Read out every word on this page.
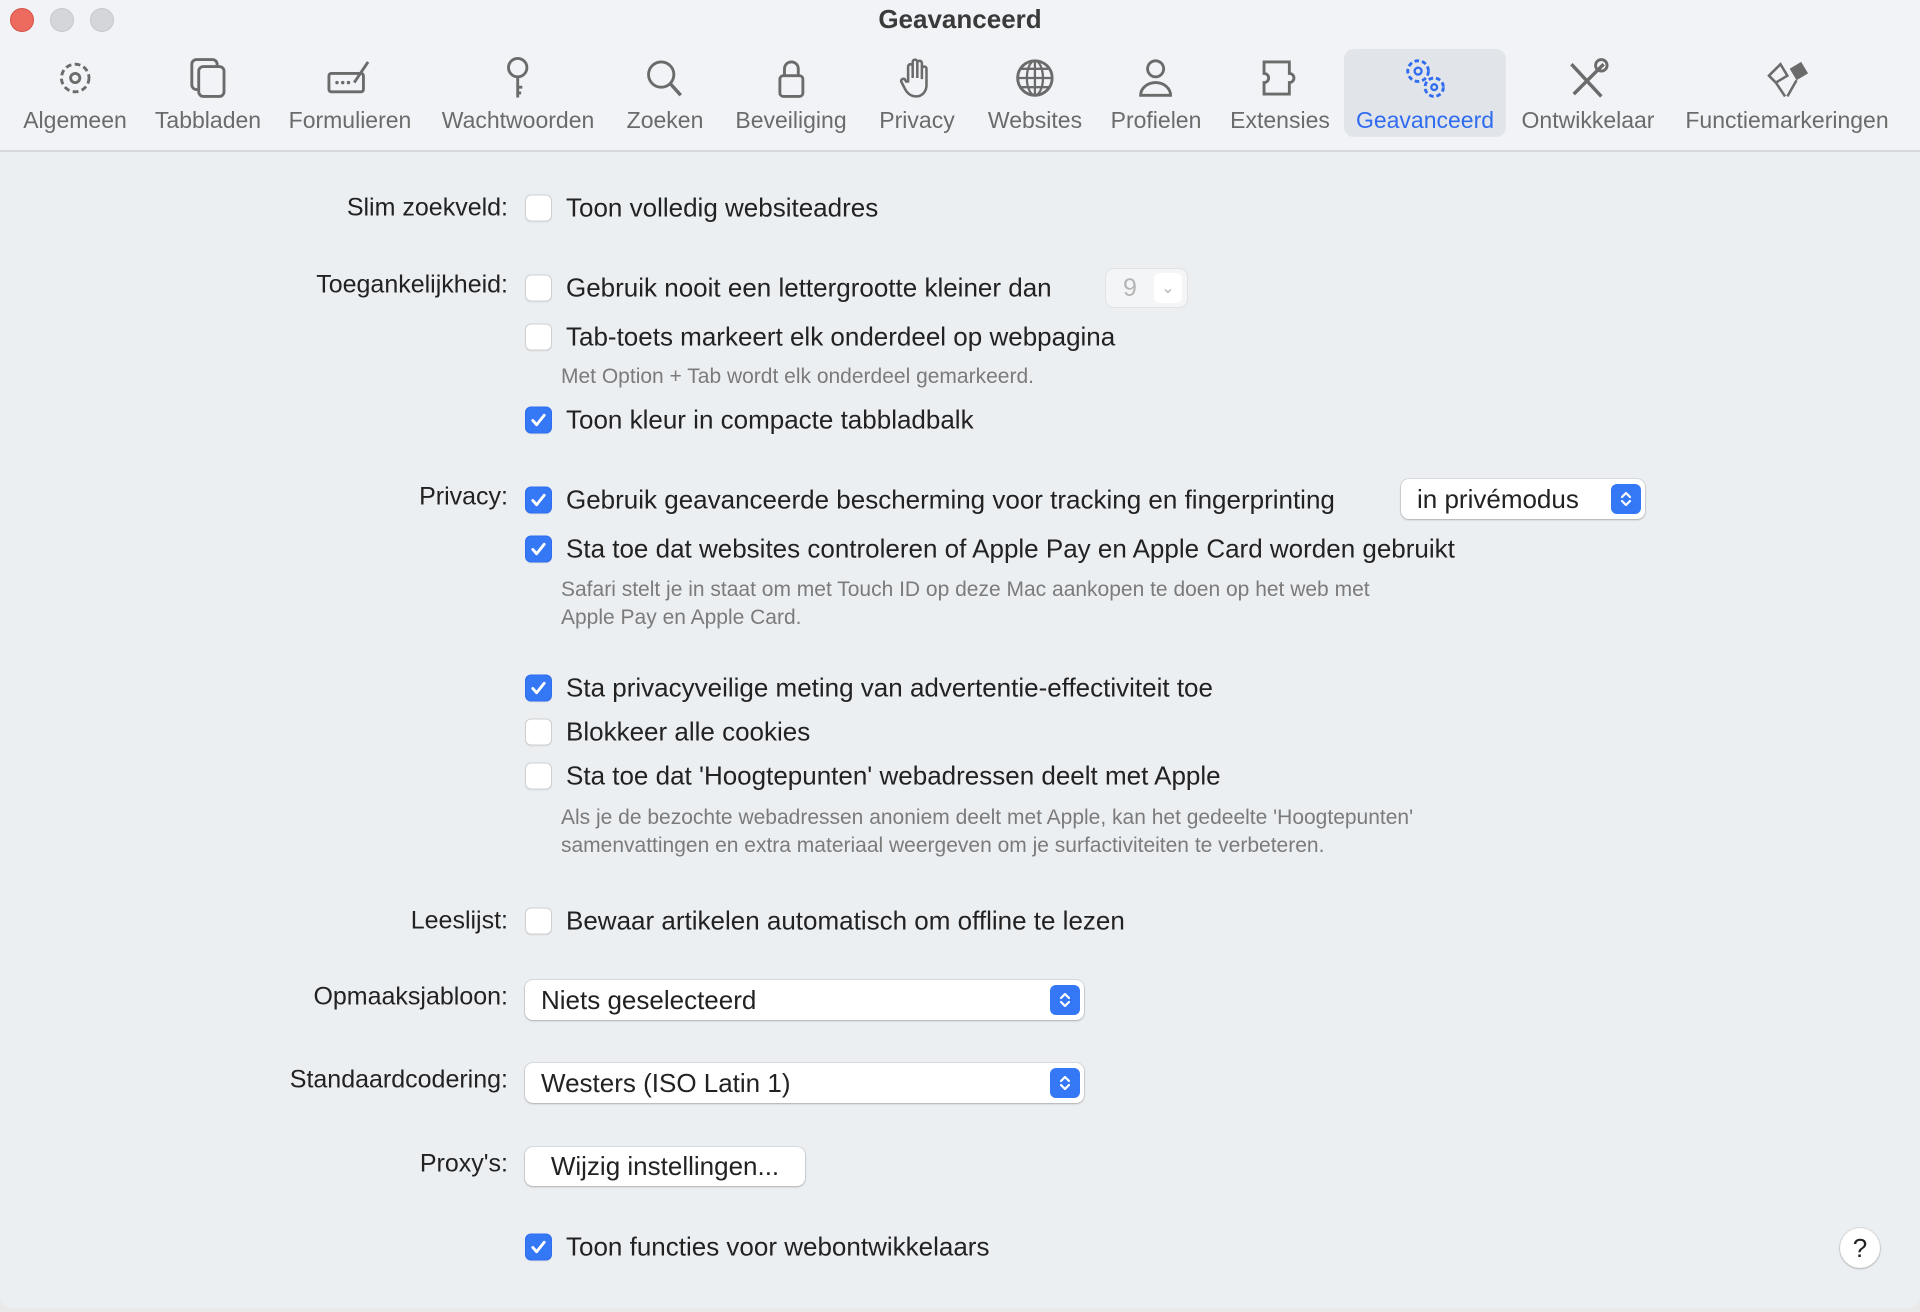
Geavanceerd
Algemeen	Tabbladen	Formulieren	Wachtwoorden	Zoeken	Beveiliging	Privacy	Websites	Profielen	Extensies	Geavanceerd	Ontwikkelaar	Functiemarkeringen
Slim zoekveld: Toon volledig websiteadres
Toegankelijkheid: Gebruik nooit een lettergrootte kleiner dan	9	⌄
Tab-toets markeert elk onderdeel op webpagina
Met Option + Tab wordt elk onderdeel gemarkeerd.
Toon kleur in compacte tabbladbalk
Privacy: Gebruik geavanceerde bescherming voor tracking en fingerprinting	in privémodus
Sta toe dat websites controleren of Apple Pay en Apple Card worden gebruikt
Safari stelt je in staat om met Touch ID op deze Mac aankopen te doen op het web met
Apple Pay en Apple Card.
Sta privacyveilige meting van advertentie-effectiviteit toe
Blokkeer alle cookies
Sta toe dat 'Hoogtepunten' webadressen deelt met Apple
Als je de bezochte webadressen anoniem deelt met Apple, kan het gedeelte 'Hoogtepunten'
samenvattingen en extra materiaal weergeven om je surfactiviteiten te verbeteren.
Leeslijst: Bewaar artikelen automatisch om offline te lezen
Opmaaksjabloon: Niets geselecteerd
Standaardcodering: Westers (ISO Latin 1)
Proxy's:	Wijzig instellingen...
Toon functies voor webontwikkelaars	?
